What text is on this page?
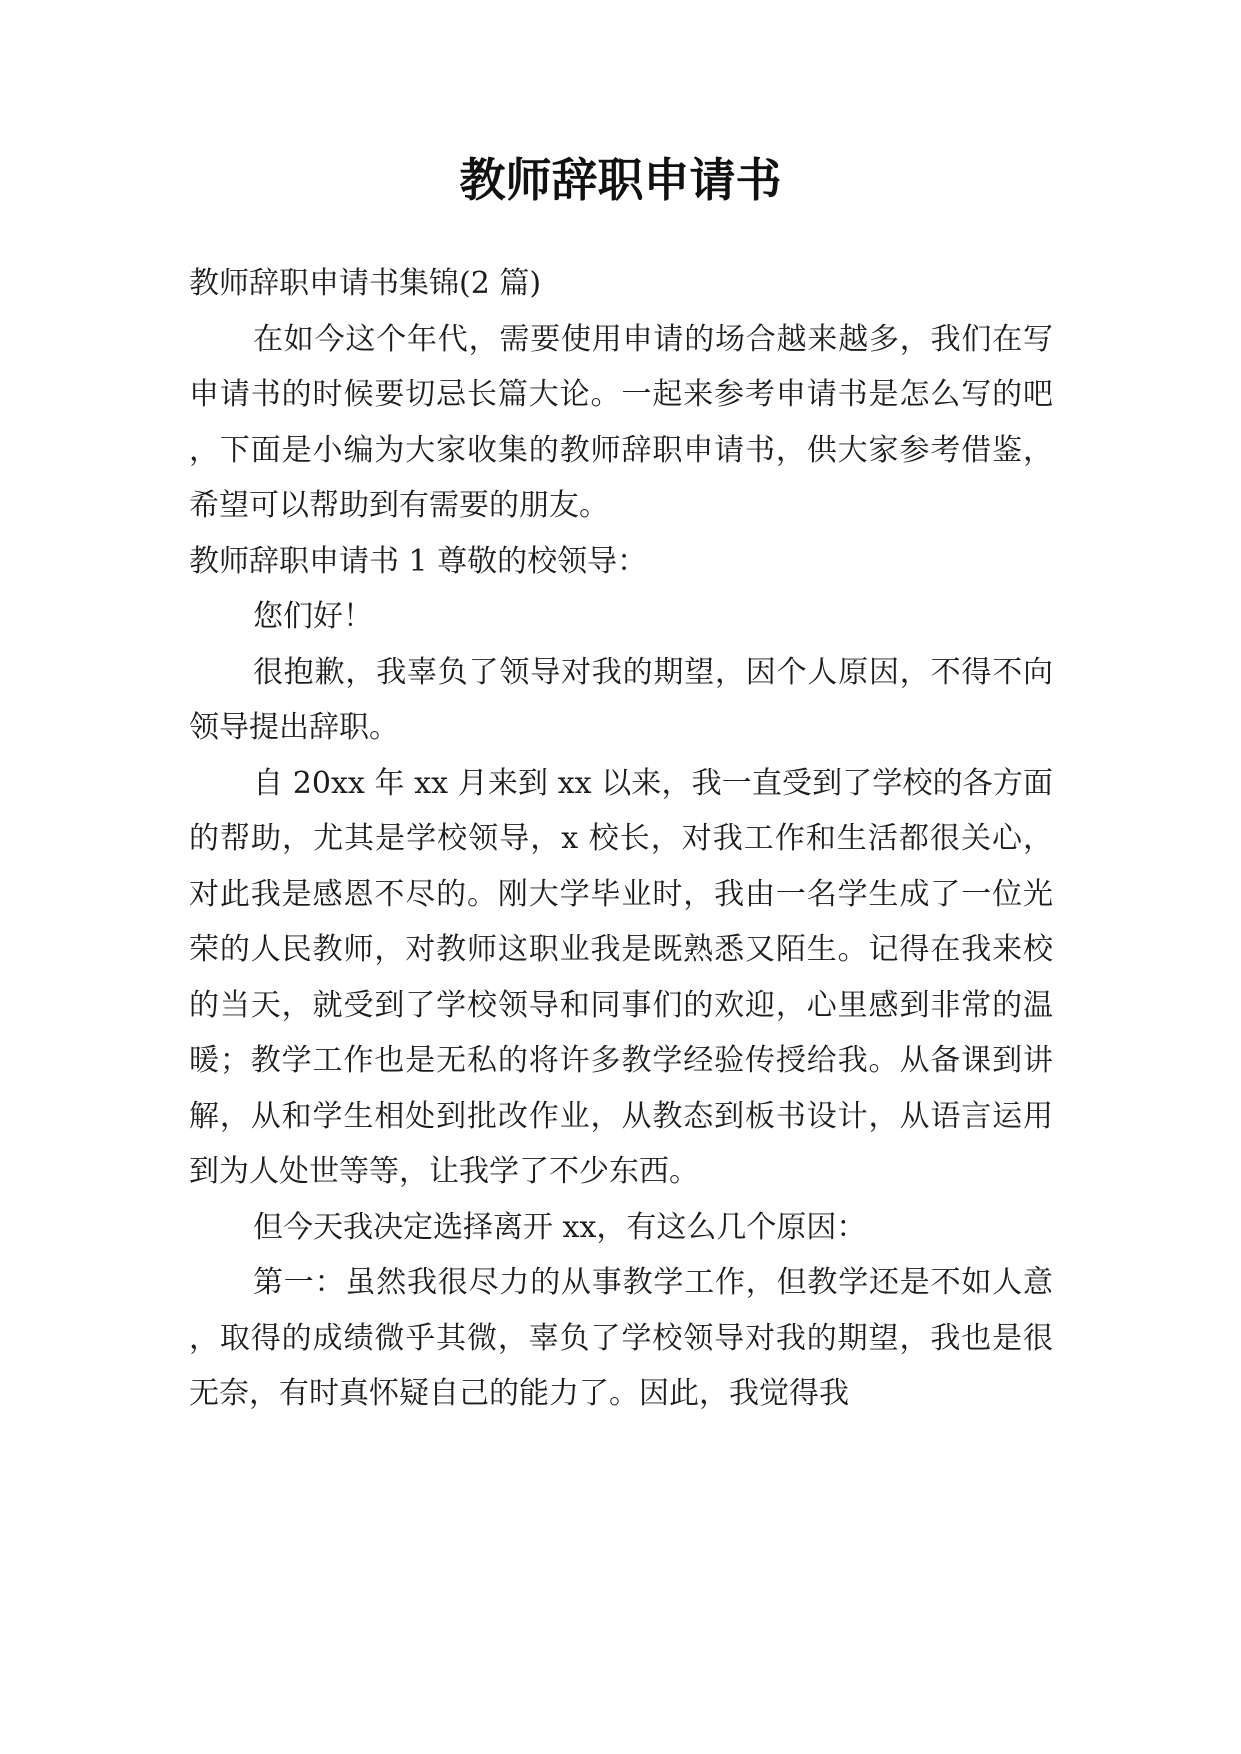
教师辞职申请书

教师辞职申请书集锦(2 篇)

在如今这个年代，需要使用申请的场合越来越多，我们在写申请书的时候要切忌长篇大论。一起来参考申请书是怎么写的吧，下面是小编为大家收集的教师辞职申请书，供大家参考借鉴，希望可以帮助到有需要的朋友。

教师辞职申请书 1 尊敬的校领导：

您们好！

很抱歉，我辜负了领导对我的期望，因个人原因，不得不向领导提出辞职。

自 20xx 年 xx 月来到 xx 以来，我一直受到了学校的各方面的帮助，尤其是学校领导，x 校长，对我工作和生活都很关心，对此我是感恩不尽的。刚大学毕业时，我由一名学生成了一位光荣的人民教师，对教师这职业我是既熟悉又陌生。记得在我来校的当天，就受到了学校领导和同事们的欢迎，心里感到非常的温暖；教学工作也是无私的将许多教学经验传授给我。从备课到讲解，从和学生相处到批改作业，从教态到板书设计，从语言运用到为人处世等等，让我学了不少东西。

但今天我决定选择离开 xx，有这么几个原因：

第一：虽然我很尽力的从事教学工作，但教学还是不如人意，取得的成绩微乎其微，辜负了学校领导对我的期望，我也是很无奈，有时真怀疑自己的能力了。因此，我觉得我
